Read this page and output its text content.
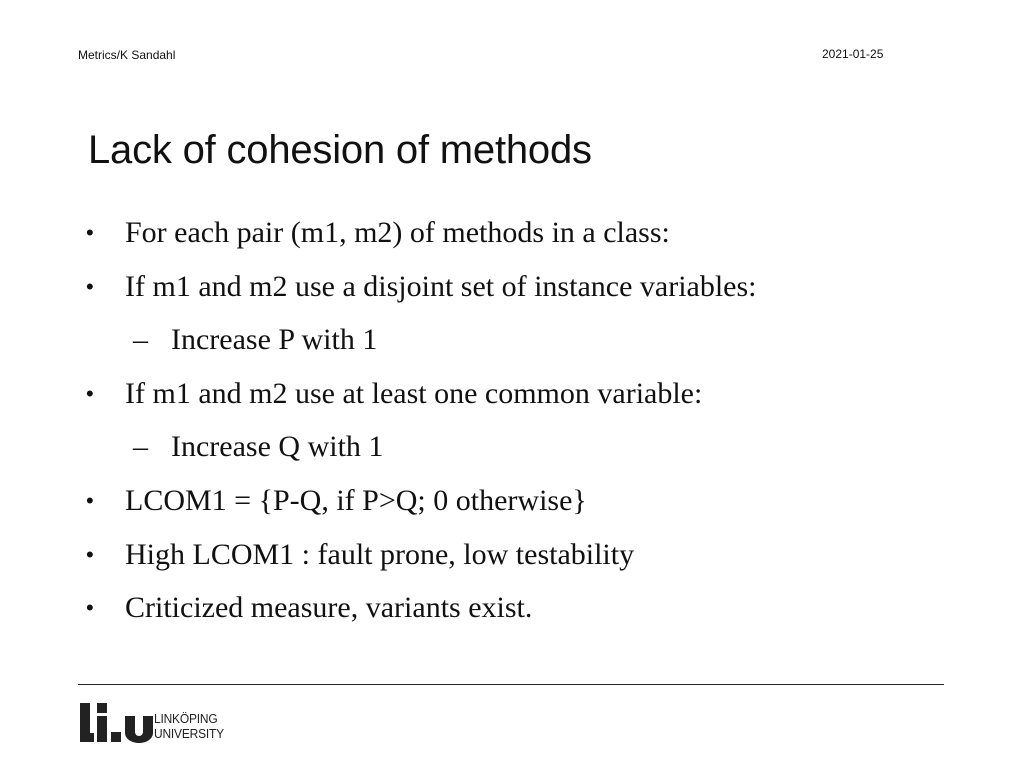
Metrics/K Sandahl	2021-01-25
Lack of cohesion of methods
• For each pair (m1, m2) of methods in a class:
• If m1 and m2 use a disjoint set of instance variables:
– Increase P with 1
• If m1 and m2 use at least one common variable:
– Increase Q with 1
• LCOM1 = {P-Q, if P>Q; 0 otherwise}
• High LCOM1 : fault prone, low testability
• Criticized measure, variants exist.
LINKÖPING
UNIVERSITY
